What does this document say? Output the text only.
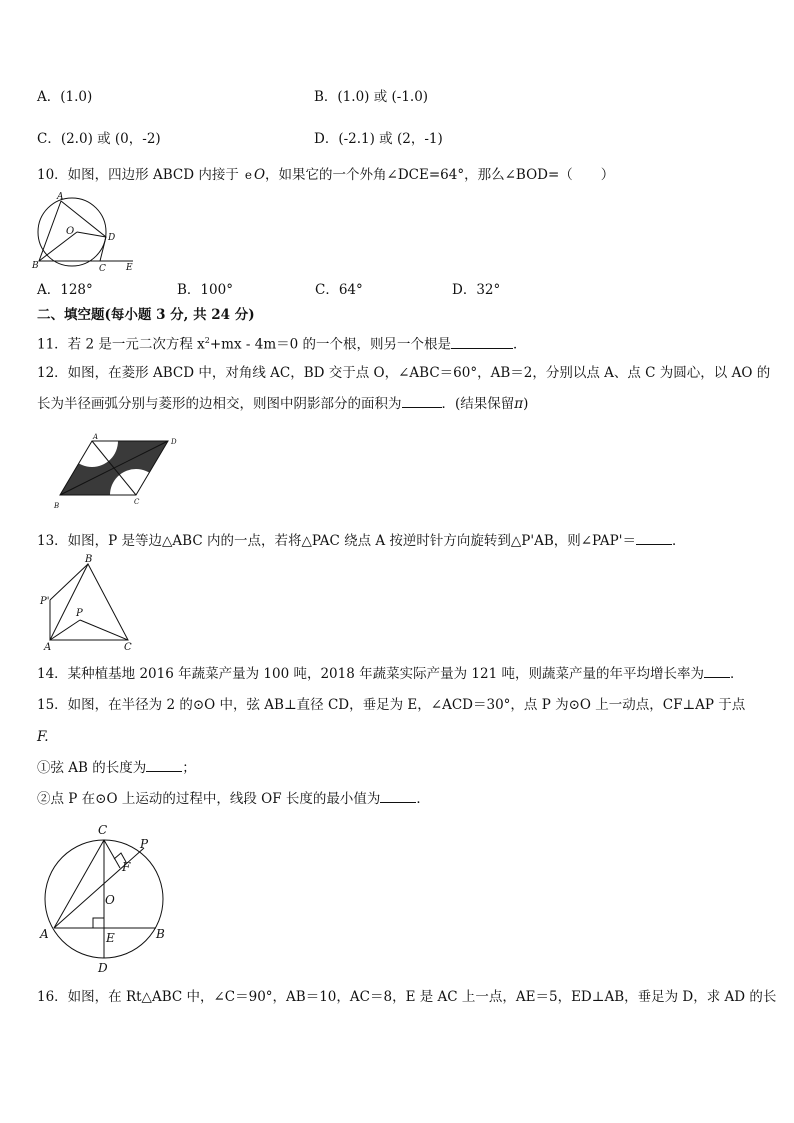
A．(1.0)	B．(1.0) 或 (-1.0)
C．(2.0) 或 (0，-2)	D．(-2.1) 或 (2，-1)
10．如图，四边形 ABCD 内接于 e O，如果它的一个外角∠DCE=64°，那么∠BOD=（ ）
A
O
D
B	C E
A．128°	B．100°	C．64°	D．32°
二、填空题(每小题 3 分, 共 24 分)
11．若 2 是一元二次方程 $x^2+mx - 4m=0$ 的一个根，则另一个根是	．
12．如图，在菱形 ABCD 中，对角线 AC，BD 交于点 O，∠ABC＝60°，AB＝2，分别以点 A、点 C 为圆心，以 AO 的
长为半径画弧分别与菱形的边相交，则图中阴影部分的面积为	．(结果保留π)
A
D
B	C
13．如图，P 是等边△ABC 内的一点，若将△PAC 绕点 A 按逆时针方向旋转到△P'AB，则∠PAP'＝	．
B
P'
P
A	C
14．某种植基地 2016 年蔬菜产量为 100 吨，2018 年蔬菜实际产量为 121 吨，则蔬菜产量的年平均增长率为 ．
15．如图，在半径为 2 的⊙O 中，弦 AB⊥直径 CD，垂足为 E，∠ACD＝30°，点 P 为⊙O 上一动点，CF⊥AP 于点
F.
①弦 AB 的长度为	；
②点 P 在⊙O 上运动的过程中，线段 OF 长度的最小值为	．
C
P
F
O
A	E	B
D
16．如图，在 Rt△ABC 中，∠C＝90°，AB＝10，AC＝8，E 是 AC 上一点，AE＝5，ED⊥AB，垂足为 D，求 AD 的长
